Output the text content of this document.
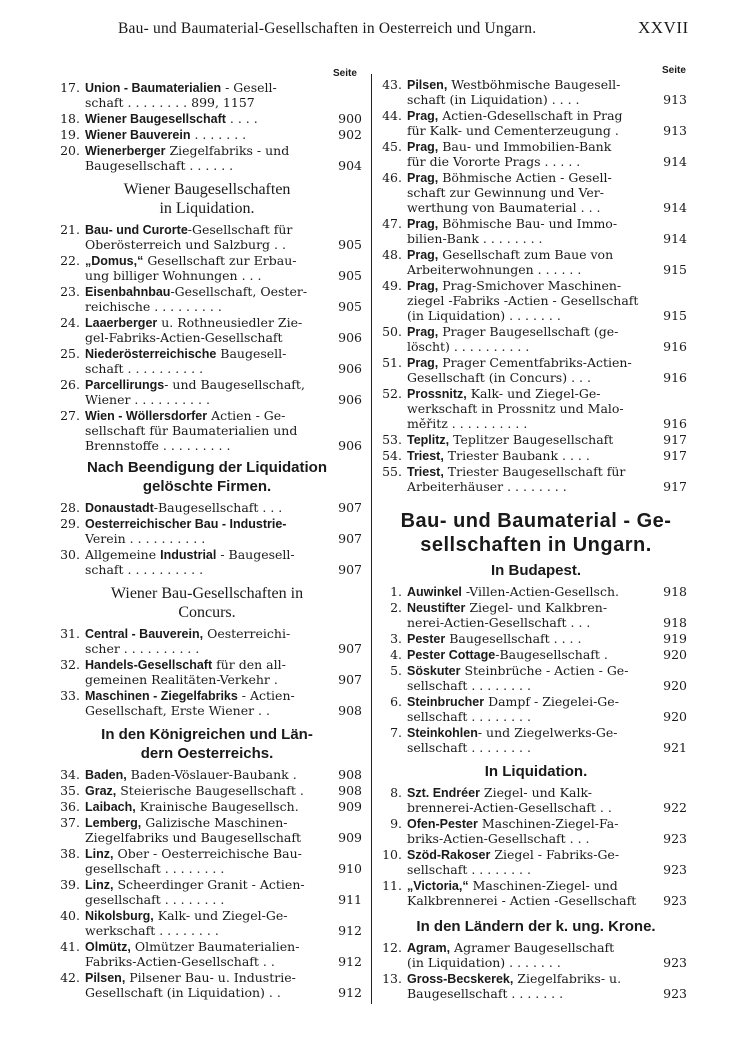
Bau- und Baumaterial-Gesellschaften in Oesterreich und Ungarn.	XXVII
Seite	Seite
17. Union - Baumaterialien - Gesell-
schaft . . . . . . . . 899, 1157
18. Wiener Baugesellschaft . . . .	900
19. Wiener Bauverein . . . . . . .	902
20. Wienerberger Ziegelfabriks - und
Baugesellschaft . . . . . .	904
Wiener Baugesellschaften
in Liquidation.
21. Bau- und Curorte-Gesellschaft für
Oberösterreich und Salzburg . .	905
22. „Domus,“ Gesellschaft zur Erbau-
ung billiger Wohnungen . . .	905
23. Eisenbahnbau-Gesellschaft, Oester-
reichische . . . . . . . . .	905
24. Laaerberger u. Rothneusiedler Zie-
gel-Fabriks-Actien-Gesellschaft	906
25. Niederösterreichische Baugesell-
schaft . . . . . . . . . .	906
26. Parcellirungs- und Baugesellschaft,
Wiener . . . . . . . . . .	906
27. Wien - Wöllersdorfer Actien - Ge-
sellschaft für Baumaterialien und
Brennstoffe . . . . . . . . .	906
Nach Beendigung der Liquidation
gelöschte Firmen.
28. Donaustadt-Baugesellschaft . . .	907
29. Oesterreichischer Bau - Industrie-
Verein . . . . . . . . . .	907
30. Allgemeine Industrial - Baugesell-
schaft . . . . . . . . . .	907
Wiener Bau-Gesellschaften in
Concurs.
31. Central - Bauverein, Oesterreichi-
scher . . . . . . . . . .	907
32. Handels-Gesellschaft für den all-
gemeinen Realitäten-Verkehr .	907
33. Maschinen - Ziegelfabriks - Actien-
Gesellschaft, Erste Wiener . .	908
In den Königreichen und Län-
dern Oesterreichs.
34. Baden, Baden-Vöslauer-Baubank .	908
35. Graz, Steierische Baugesellschaft .	908
36. Laibach, Krainische Baugesellsch.	909
37. Lemberg, Galizische Maschinen-
Ziegelfabriks und Baugesellschaft	909
38. Linz, Ober - Oesterreichische Bau-
gesellschaft . . . . . . . .	910
39. Linz, Scheerdinger Granit - Actien-
gesellschaft . . . . . . . .	911
40. Nikolsburg, Kalk- und Ziegel-Ge-
werkschaft . . . . . . . .	912
41. Olmütz, Olmützer Baumaterialien-
Fabriks-Actien-Gesellschaft . .	912
42. Pilsen, Pilsener Bau- u. Industrie-
Gesellschaft (in Liquidation) . .	912
43. Pilsen, Westböhmische Baugesell-
schaft (in Liquidation) . . . .	913
44. Prag, Actien-Gdesellschaft in Prag
für Kalk- und Cementerzeugung .	913
45. Prag, Bau- und Immobilien-Bank
für die Vororte Prags . . . . .	914
46. Prag, Böhmische Actien - Gesell-
schaft zur Gewinnung und Ver-
werthung von Baumaterial . . .	914
47. Prag, Böhmische Bau- und Immo-
bilien-Bank . . . . . . . .	914
48. Prag, Gesellschaft zum Baue von
Arbeiterwohnungen . . . . . .	915
49. Prag, Prag-Smichover Maschinen-
ziegel -Fabriks -Actien - Gesellschaft
(in Liquidation) . . . . . . .	915
50. Prag, Prager Baugesellschaft (ge-
löscht) . . . . . . . . . .	916
51. Prag, Prager Cementfabriks-Actien-
Gesellschaft (in Concurs) . . .	916
52. Prossnitz, Kalk- und Ziegel-Ge-
werkschaft in Prossnitz und Malo-
měřitz . . . . . . . . . .	916
53. Teplitz, Teplitzer Baugesellschaft	917
54. Triest, Triester Baubank . . . .	917
55. Triest, Triester Baugesellschaft für
Arbeiterhäuser . . . . . . . .	917
Bau- und Baumaterial - Ge-
sellschaften in Ungarn.
In Budapest.
1. Auwinkel -Villen-Actien-Gesellsch.	918
2. Neustifter Ziegel- und Kalkbren-
nerei-Actien-Gesellschaft . . .	918
3. Pester Baugesellschaft . . . .	919
4. Pester Cottage-Baugesellschaft .	920
5. Söskuter Steinbrüche - Actien - Ge-
sellschaft . . . . . . . .	920
6. Steinbrucher Dampf - Ziegelei-Ge-
sellschaft . . . . . . . .	920
7. Steinkohlen- und Ziegelwerks-Ge-
sellschaft . . . . . . . .	921
In Liquidation.
8. Szt. Endréer Ziegel- und Kalk-
brennerei-Actien-Gesellschaft . .	922
9. Ofen-Pester Maschinen-Ziegel-Fa-
briks-Actien-Gesellschaft . . .	923
10. Szöd-Rakoser Ziegel - Fabriks-Ge-
sellschaft . . . . . . . .	923
11. „Victoria,“ Maschinen-Ziegel- und
Kalkbrennerei - Actien -Gesellschaft 923
In den Ländern der k. ung. Krone.
12. Agram, Agramer Baugesellschaft
(in Liquidation) . . . . . . .	923
13. Gross-Becskerek, Ziegelfabriks- u.
Baugesellschaft . . . . . . .	923
